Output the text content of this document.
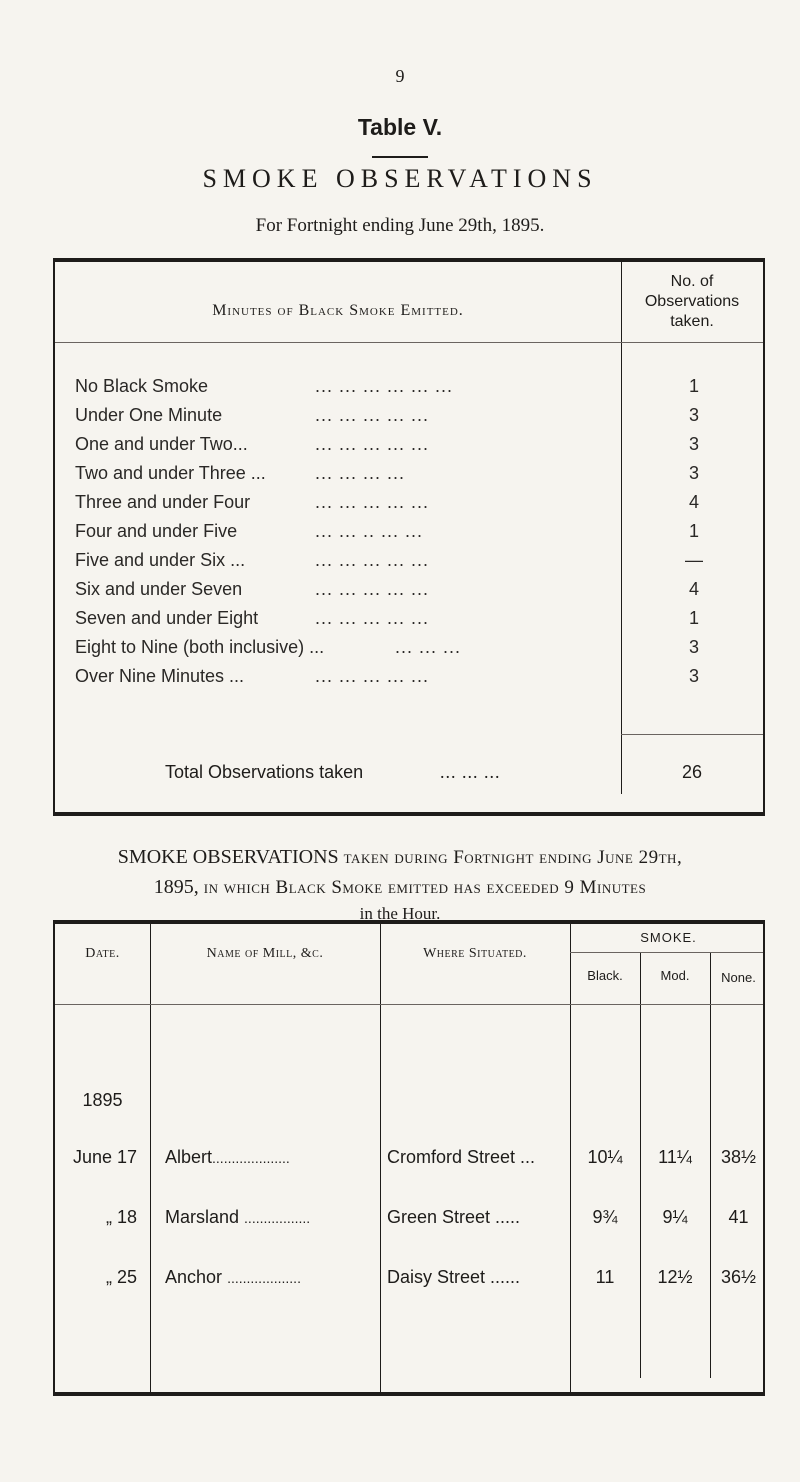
9
Table V.
SMOKE OBSERVATIONS
For Fortnight ending June 29th, 1895.
Minutes of Black Smoke Emitted.
No. of
Observations
taken.
No Black Smoke	... ... ... ... ... ...	1
Under One Minute	... ... ... ... ...	3
One and under Two...	... ... ... ... ...	3
Two and under Three ...	... ... ... ...	3
Three and under Four	... ... ... ... ...	4
Four and under Five	... ... .. ... ...	1
Five and under Six ...	... ... ... ... ...	—
Six and under Seven	... ... ... ... ...	4
Seven and under Eight	... ... ... ... ...	1
Eight to Nine (both inclusive) ...	... ... ...	3
Over Nine Minutes ...	... ... ... ... ...	3
Total Observations taken	... ... ...	26
SMOKE OBSERVATIONS taken during Fortnight ending June 29th,
1895, in which Black Smoke emitted has exceeded 9 Minutes
in the Hour.
Date.	Name of Mill, &c.	Where Situated.
SMOKE.
Black.	Mod.	None.
1895
June 17 Albert....................	Cromford Street ...	10¼	11¼	38½
„ 18 Marsland .................	Green Street .....	9¾	9¼	41
„ 25 Anchor ...................	Daisy Street ......	11	12½	36½
